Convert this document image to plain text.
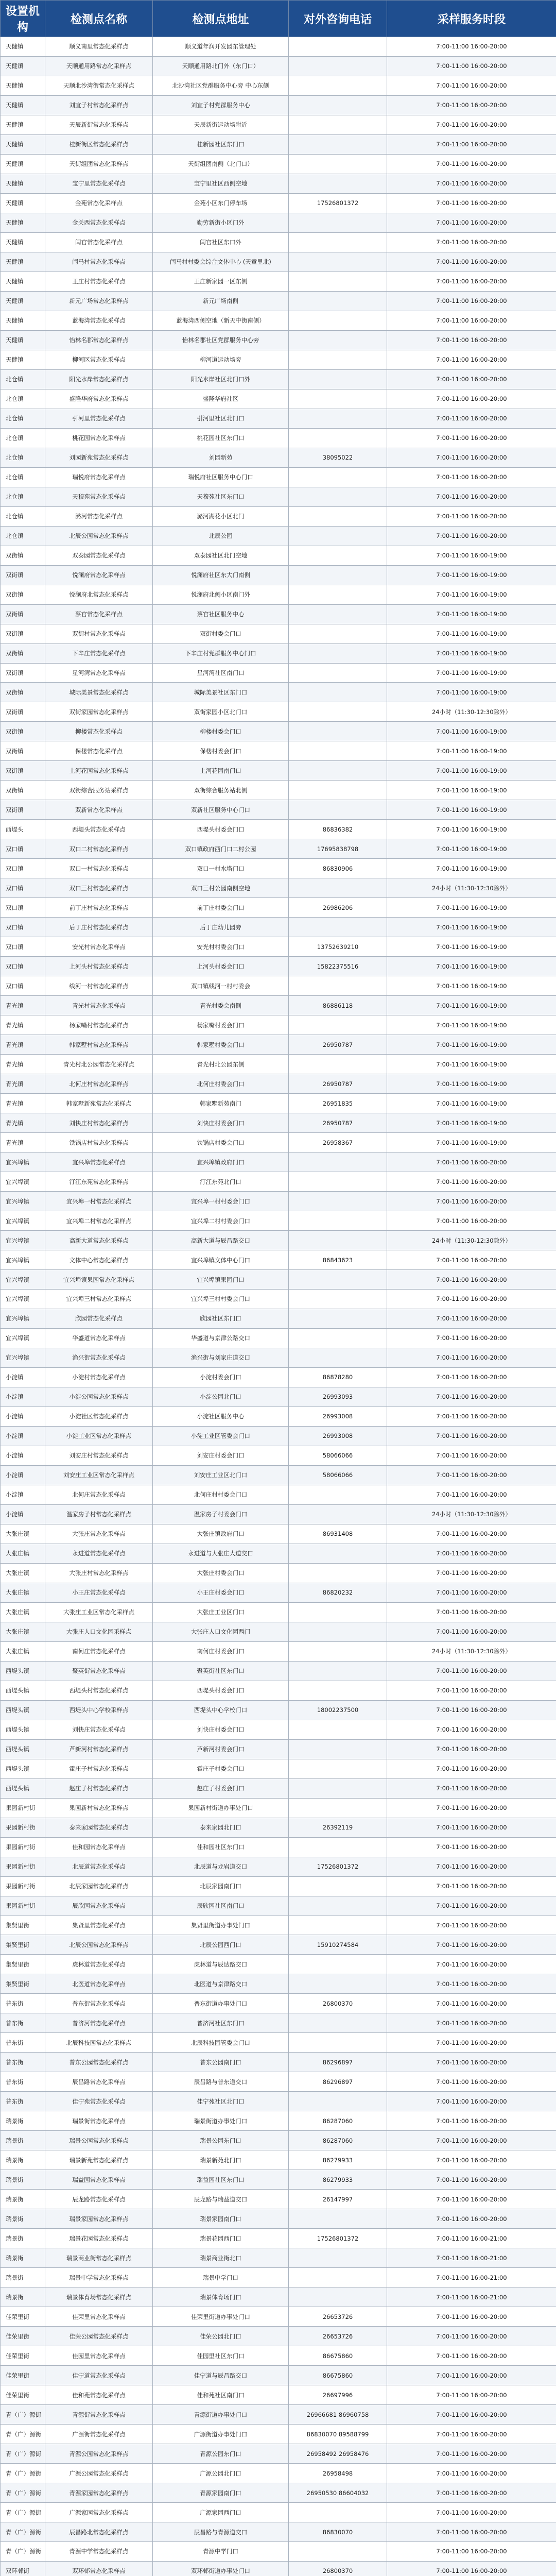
设置机构	检测点名称	检测点地址	对外咨询电话	采样服务时段
天健镇	顺义南里常态化采样点	顺义道年润开发园东管理处		7:00-11:00 16:00-20:00
天健镇	天顺通用路常态化采样点	天顺通用路北门外（东门口）		7:00-11:00 16:00-20:00
天健镇	天顺北沙湾街常态化采样点	北沙湾社区党群服务中心旁 中心东侧		7:00-11:00 16:00-20:00
天健镇	刘宜子村常态化采样点	刘宜子村党群服务中心		7:00-11:00 16:00-20:00
天健镇	天辰新街常态化采样点	天辰新街运动场附近		7:00-11:00 16:00-20:00
天健镇	桂新街区常态化采样点	桂新园社区东门口		7:00-11:00 16:00-20:00
天健镇	天街组团常态化采样点	天街组团南侧（北门口）		7:00-11:00 16:00-20:00
天健镇	宝宁里常态化采样点	宝宁里社区西侧空地		7:00-11:00 16:00-20:00
天健镇	金苑常态化采样点	金苑小区东门停车场	17526801372	7:00-11:00 16:00-20:00
天健镇	金关西常态化采样点	勤劳新街小区门外		7:00-11:00 16:00-20:00
天健镇	闫官常态化采样点	闫官社区东口外		7:00-11:00 16:00-20:00
天健镇	闫马村常态化采样点	闫马村村委会综合文体中心 (天童里北)		7:00-11:00 16:00-20:00
天健镇	王庄村常态化采样点	王庄新家园一区东侧		7:00-11:00 16:00-20:00
天健镇	新元广场常态化采样点	新元广场南侧		7:00-11:00 16:00-20:00
天健镇	蓝海湾常态化采样点	蓝海湾西侧空地（新天中街南侧）		7:00-11:00 16:00-20:00
天健镇	怡林名郡常态化采样点	怡林名郡社区党群服务中心旁		7:00-11:00 16:00-20:00
天健镇	柳河区常态化采样点	柳河道运动场旁		7:00-11:00 16:00-20:00
北仓镇	阳光水岸常态化采样点	阳光水岸社区北门口外		7:00-11:00 16:00-20:00
北仓镇	盛隆华府常态化采样点	盛隆华府社区		7:00-11:00 16:00-20:00
北仓镇	引河里常态化采样点	引河里社区北门口		7:00-11:00 16:00-20:00
北仓镇	桃花园常态化采样点	桃花园社区东门口		7:00-11:00 16:00-20:00
北仓镇	刘园新苑常态化采样点	刘园新苑	38095022	7:00-11:00 16:00-20:00
北仓镇	瑞悦府常态化采样点	瑞悦府社区服务中心门口		7:00-11:00 16:00-20:00
北仓镇	天穆苑常态化采样点	天穆苑社区东门口		7:00-11:00 16:00-20:00
北仓镇	潞河常态化采样点	潞河湖花小区北门		7:00-11:00 16:00-20:00
北仓镇	北辰公园常态化采样点	北辰公园		7:00-11:00 16:00-20:00
双街镇	双泰园常态化采样点	双泰园社区北门空地		7:00-11:00 16:00-19:00
双街镇	悦澜府常态化采样点	悦澜府社区东大门南侧		7:00-11:00 16:00-19:00
双街镇	悦澜府北常态化采样点	悦澜府北侧小区南门外		7:00-11:00 16:00-19:00
双街镇	蔡官常态化采样点	蔡官社区服务中心		7:00-11:00 16:00-19:00
双街镇	双街村常态化采样点	双街村委会门口		7:00-11:00 16:00-19:00
双街镇	下辛庄常态化采样点	下辛庄村党群服务中心门口		7:00-11:00 16:00-19:00
双街镇	星河湾常态化采样点	星河湾社区南门口		7:00-11:00 16:00-19:00
双街镇	城际美景常态化采样点	城际美景社区东门口		7:00-11:00 16:00-19:00
双街镇	双街家园常态化采样点	双街家园小区北门口		24小时（11:30-12:30除外）
双街镇	柳楼常态化采样点	柳楼村委会门口		7:00-11:00 16:00-19:00
双街镇	保楼常态化采样点	保楼村委会门口		7:00-11:00 16:00-19:00
双街镇	上河花园常态化采样点	上河花园南门口		7:00-11:00 16:00-19:00
双街镇	双街综合服务站采样点	双街综合服务站北侧		7:00-11:00 16:00-19:00
双街镇	双新常态化采样点	双新社区服务中心门口		7:00-11:00 16:00-19:00
西堤头	西堤头常态化采样点	西堤头村委会门口	86836382	7:00-11:00 16:00-19:00
双口镇	双口二村常态化采样点	双口镇政府西门口二村公园	17695838798	7:00-11:00 16:00-19:00
双口镇	双口一村常态化采样点	双口一村水塔门口	86830906	7:00-11:00 16:00-19:00
双口镇	双口三村常态化采样点	双口三村公园南侧空地		24小时（11:30-12:30除外）
双口镇	前丁庄村常态化采样点	前丁庄村委会门口	26986206	7:00-11:00 16:00-19:00
双口镇	后丁庄村常态化采样点	后丁庄幼儿园旁		7:00-11:00 16:00-19:00
双口镇	安光村常态化采样点	安光村村委会门口	13752639210	7:00-11:00 16:00-19:00
双口镇	上河头村常态化采样点	上河头村委会门口	15822375516	7:00-11:00 16:00-19:00
双口镇	线河一村常态化采样点	双口镇线河一村村委会		7:00-11:00 16:00-19:00
青光镇	青光村常态化采样点	青光村委会南侧	86886118	7:00-11:00 16:00-19:00
青光镇	杨家嘴村常态化采样点	杨家嘴村委会门口		7:00-11:00 16:00-19:00
青光镇	韩家墅村常态化采样点	韩家墅村委会门口	26950787	7:00-11:00 16:00-19:00
青光镇	青光村北公园常态化采样点	青光村北公园东侧		7:00-11:00 16:00-19:00
青光镇	北何庄村常态化采样点	北何庄村委会门口	26950787	7:00-11:00 16:00-19:00
青光镇	韩家墅新苑常态化采样点	韩家墅新苑南门	26951835	7:00-11:00 16:00-19:00
青光镇	刘快庄村常态化采样点	刘快庄村委会门口	26950787	7:00-11:00 16:00-19:00
青光镇	铁锅店村常态化采样点	铁锅店村委会门口	26958367	7:00-11:00 16:00-19:00
宜兴埠镇	宜兴埠常态化采样点	宜兴埠镇政府门口		7:00-11:00 16:00-20:00
宜兴埠镇	汀江东苑常态化采样点	汀江东苑北门口		7:00-11:00 16:00-20:00
宜兴埠镇	宜兴埠一村常态化采样点	宜兴埠一村村委会门口		7:00-11:00 16:00-20:00
宜兴埠镇	宜兴埠二村常态化采样点	宜兴埠二村村委会门口		7:00-11:00 16:00-20:00
宜兴埠镇	高新大道常态化采样点	高新大道与辰昌路交口		24小时（11:30-12:30除外）
宜兴埠镇	文体中心常态化采样点	宜兴埠镇文体中心门口	86843623	7:00-11:00 16:00-20:00
宜兴埠镇	宜兴埠镇果园常态化采样点	宜兴埠镇果园门口		7:00-11:00 16:00-20:00
宜兴埠镇	宜兴埠三村常态化采样点	宜兴埠三村村委会门口		7:00-11:00 16:00-20:00
宜兴埠镇	欣园常态化采样点	欣园社区东门口		7:00-11:00 16:00-20:00
宜兴埠镇	华盛道常态化采样点	华盛道与京津公路交口		7:00-11:00 16:00-20:00
宜兴埠镇	渔兴街常态化采样点	渔兴街与刘家庄道交口		7:00-11:00 16:00-20:00
小淀镇	小淀村常态化采样点	小淀村委会门口	86878280	7:00-11:00 16:00-20:00
小淀镇	小淀公园常态化采样点	小淀公园北门口	26993093	7:00-11:00 16:00-20:00
小淀镇	小淀社区常态化采样点	小淀社区服务中心	26993008	7:00-11:00 16:00-20:00
小淀镇	小淀工业区常态化采样点	小淀工业区管委会门口	26993008	7:00-11:00 16:00-20:00
小淀镇	刘安庄村常态化采样点	刘安庄村委会门口	58066066	7:00-11:00 16:00-20:00
小淀镇	刘安庄工业区常态化采样点	刘安庄工业区北门口	58066066	7:00-11:00 16:00-20:00
小淀镇	北何庄常态化采样点	北何庄村村委会门口		7:00-11:00 16:00-20:00
小淀镇	温家房子村常态化采样点	温家房子村委会门口		24小时（11:30-12:30除外）
大张庄镇	大张庄常态化采样点	大张庄镇政府门口	86931408	7:00-11:00 16:00-20:00
大张庄镇	永进道常态化采样点	永进道与大张庄大道交口		7:00-11:00 16:00-20:00
大张庄镇	大张庄村常态化采样点	大张庄村委会门口		7:00-11:00 16:00-20:00
大张庄镇	小王庄常态化采样点	小王庄村委会门口	86820232	7:00-11:00 16:00-20:00
大张庄镇	大张庄工业区常态化采样点	大张庄工业区门口		7:00-11:00 16:00-20:00
大张庄镇	大张庄人口文化园采样点	大张庄人口文化园西门		7:00-11:00 16:00-20:00
大张庄镇	南何庄常态化采样点	南何庄村委会门口		24小时（11:30-12:30除外）
西堤头镇	聚英街常态化采样点	聚英街社区东门口		7:00-11:00 16:00-20:00
西堤头镇	西堤头村常态化采样点	西堤头村委会门口		7:00-11:00 16:00-20:00
西堤头镇	西堤头中心学校采样点	西堤头中心学校门口	18002237500	7:00-11:00 16:00-20:00
西堤头镇	刘快庄常态化采样点	刘快庄村委会门口		7:00-11:00 16:00-20:00
西堤头镇	芦新河村常态化采样点	芦新河村委会门口		7:00-11:00 16:00-20:00
西堤头镇	霍庄子村常态化采样点	霍庄子村委会门口		7:00-11:00 16:00-20:00
西堤头镇	赵庄子村常态化采样点	赵庄子村委会门口		7:00-11:00 16:00-20:00
果园新村街	果园新村常态化采样点	果园新村街道办事处门口		7:00-11:00 16:00-20:00
果园新村街	泰来家园常态化采样点	泰来家园北门口	26392119	7:00-11:00 16:00-20:00
果园新村街	佳和园常态化采样点	佳和园社区东门口		7:00-11:00 16:00-20:00
果园新村街	北辰道常态化采样点	北辰道与龙岩道交口	17526801372	7:00-11:00 16:00-20:00
果园新村街	北辰家园常态化采样点	北辰家园南门口		7:00-11:00 16:00-20:00
果园新村街	辰欣园常态化采样点	辰欣园社区南门口		7:00-11:00 16:00-20:00
集贤里街	集贤里常态化采样点	集贤里街道办事处门口		7:00-11:00 16:00-20:00
集贤里街	北辰公园常态化采样点	北辰公园西门口	15910274584	7:00-11:00 16:00-20:00
集贤里街	虎林道常态化采样点	虎林道与辰达路交口		7:00-11:00 16:00-20:00
集贤里街	北医道常态化采样点	北医道与京津路交口		7:00-11:00 16:00-20:00
普东街	普东街常态化采样点	普东街道办事处门口	26800370	7:00-11:00 16:00-20:00
普东街	普济河常态化采样点	普济河社区东门口		7:00-11:00 16:00-20:00
普东街	北辰科技园常态化采样点	北辰科技园管委会门口		7:00-11:00 16:00-20:00
普东街	普东公园常态化采样点	普东公园南门口	86296897	7:00-11:00 16:00-20:00
普东街	辰昌路常态化采样点	辰昌路与普东道交口	86296897	7:00-11:00 16:00-20:00
普东街	佳宁苑常态化采样点	佳宁苑社区北门口		7:00-11:00 16:00-20:00
瑞景街	瑞景街常态化采样点	瑞景街道办事处门口	86287060	7:00-11:00 16:00-20:00
瑞景街	瑞景公园常态化采样点	瑞景公园东门口	86287060	7:00-11:00 16:00-20:00
瑞景街	瑞景新苑常态化采样点	瑞景新苑北门口	86279933	7:00-11:00 16:00-20:00
瑞景街	瑞益园常态化采样点	瑞益园社区东门口	86279933	7:00-11:00 16:00-20:00
瑞景街	辰龙路常态化采样点	辰龙路与瑞益道交口	26147997	7:00-11:00 16:00-20:00
瑞景街	瑞景家园常态化采样点	瑞景家园南门口		7:00-11:00 16:00-20:00
瑞景街	瑞景花园常态化采样点	瑞景花园西门口	17526801372	7:00-11:00 16:00-21:00
瑞景街	瑞景商业街常态化采样点	瑞景商业街北口		7:00-11:00 16:00-21:00
瑞景街	瑞景中学常态化采样点	瑞景中学门口		7:00-11:00 16:00-21:00
瑞景街	瑞景体育场常态化采样点	瑞景体育场门口		7:00-11:00 16:00-21:00
佳荣里街	佳荣里常态化采样点	佳荣里街道办事处门口	26653726	7:00-11:00 16:00-20:00
佳荣里街	佳荣公园常态化采样点	佳荣公园北门口	26653726	7:00-11:00 16:00-20:00
佳荣里街	佳园里常态化采样点	佳园里社区东门口	86675860	7:00-11:00 16:00-20:00
佳荣里街	佳宁道常态化采样点	佳宁道与辰昌路交口	86675860	7:00-11:00 16:00-20:00
佳荣里街	佳和苑常态化采样点	佳和苑社区南门口	26697996	7:00-11:00 16:00-20:00
青（广）源街	青源街常态化采样点	青源街道办事处门口	26966681 86960758	7:00-11:00 16:00-20:00
青（广）源街	广源街常态化采样点	广源街道办事处门口	86830070 89588799	7:00-11:00 16:00-20:00
青（广）源街	青源公园常态化采样点	青源公园东门口	26958492 26958476	7:00-11:00 16:00-20:00
青（广）源街	广源公园常态化采样点	广源公园北门口	26958498	7:00-11:00 16:00-20:00
青（广）源街	青源家园常态化采样点	青源家园南门口	26950530 86604032	7:00-11:00 16:00-20:00
青（广）源街	广源家园常态化采样点	广源家园西门口		7:00-11:00 16:00-20:00
青（广）源街	辰昌路北常态化采样点	辰昌路与青源道交口	86830070	7:00-11:00 16:00-20:00
青（广）源街	青源中学常态化采样点	青源中学门口		7:00-11:00 16:00-20:00
双环邨街	双环邨常态化采样点	双环邨街道办事处门口	26800370	7:00-11:00 16:00-20:00
